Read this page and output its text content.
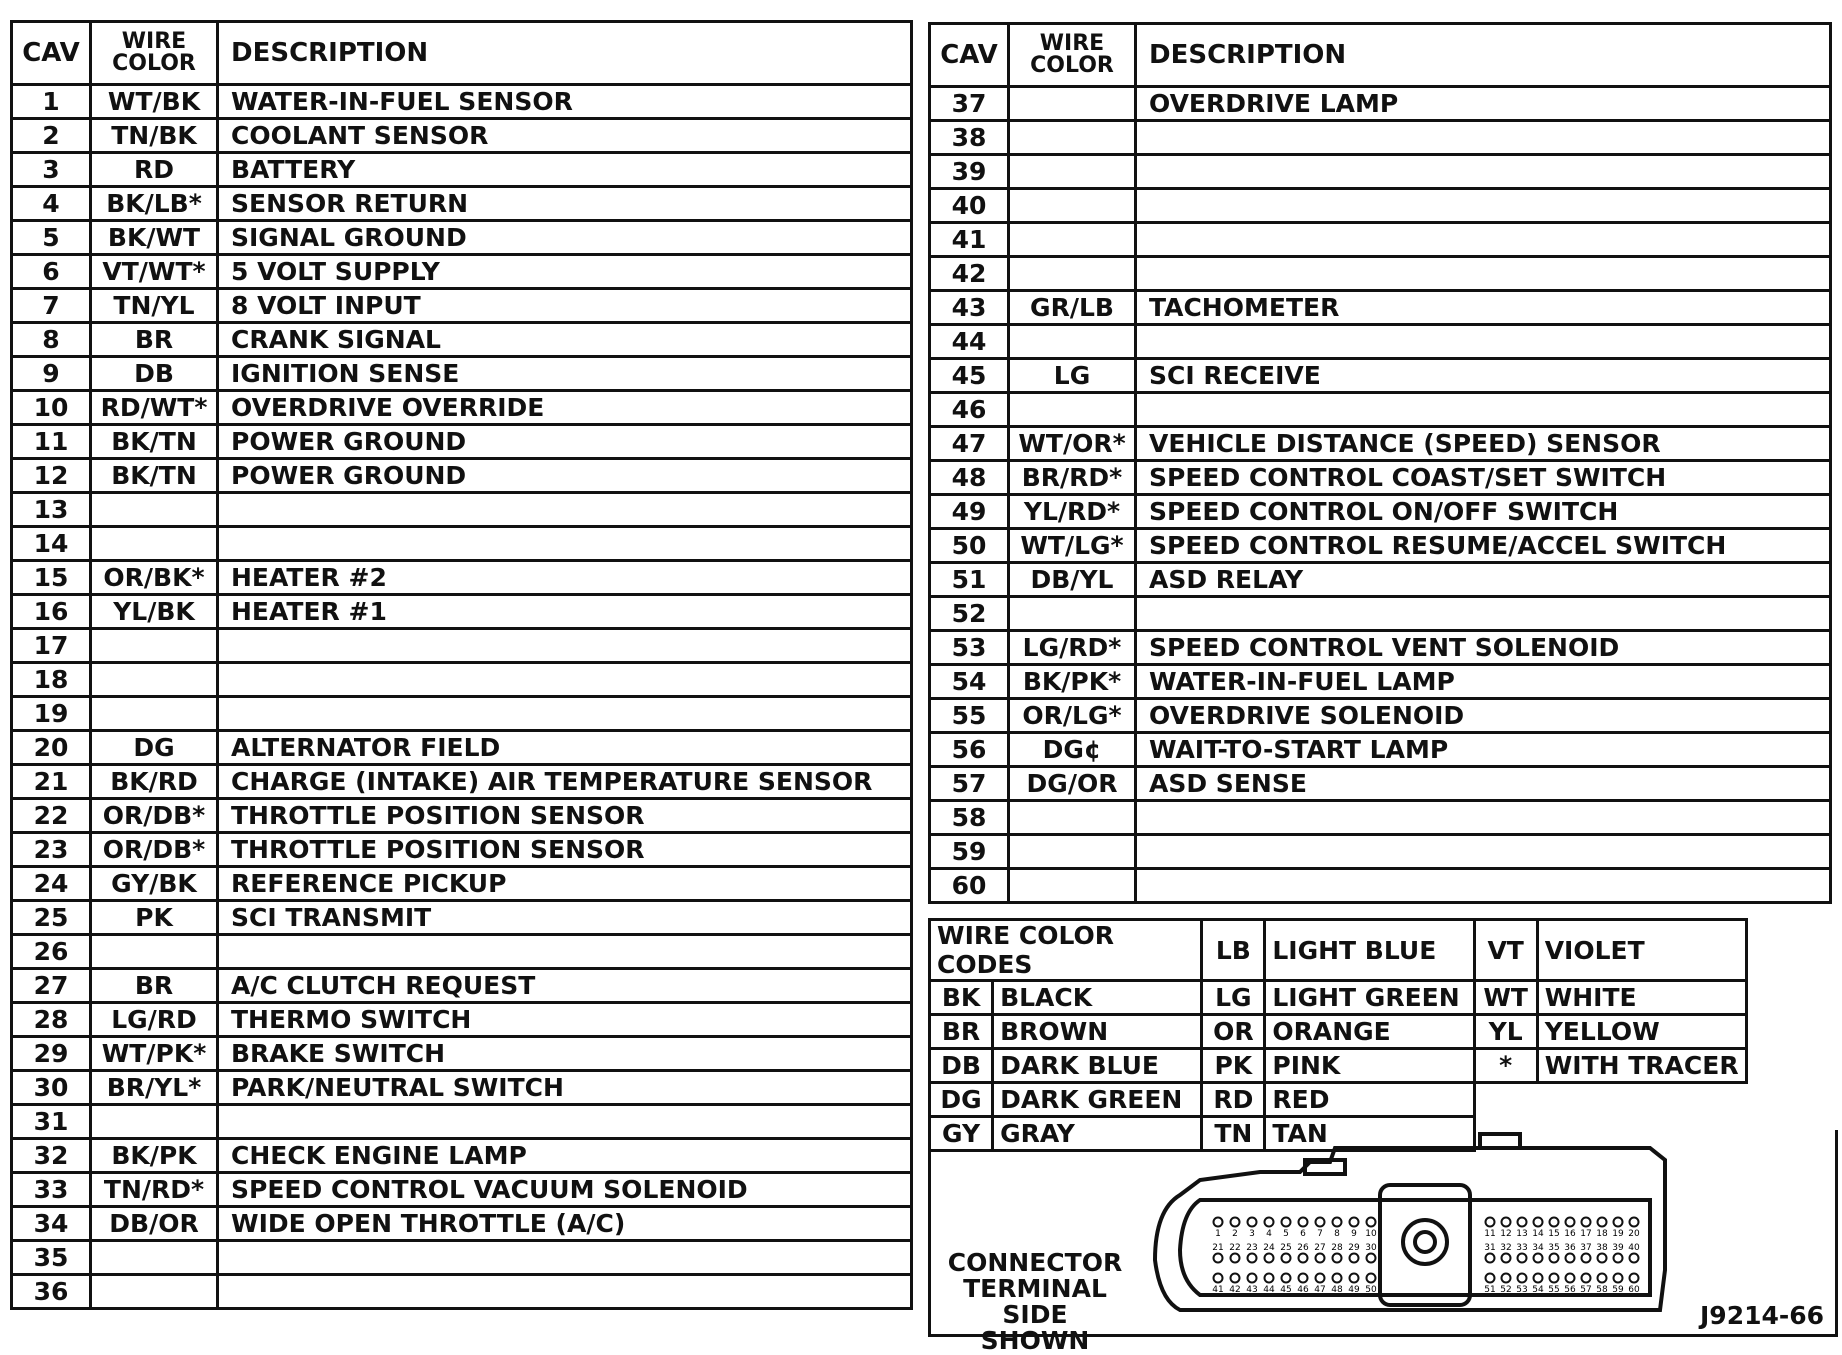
CAV	WIRE COLOR	DESCRIPTION
1	WT/BK	WATER-IN-FUEL SENSOR
2	TN/BK	COOLANT SENSOR
3	RD	BATTERY
4	BK/LB*	SENSOR RETURN
5	BK/WT	SIGNAL GROUND
6	VT/WT*	5 VOLT SUPPLY
7	TN/YL	8 VOLT INPUT
8	BR	CRANK SIGNAL
9	DB	IGNITION SENSE
10	RD/WT*	OVERDRIVE OVERRIDE
11	BK/TN	POWER GROUND
12	BK/TN	POWER GROUND
13		
14		
15	OR/BK*	HEATER #2
16	YL/BK	HEATER #1
17		
18		
19		
20	DG	ALTERNATOR FIELD
21	BK/RD	CHARGE (INTAKE) AIR TEMPERATURE SENSOR
22	OR/DB*	THROTTLE POSITION SENSOR
23	OR/DB*	THROTTLE POSITION SENSOR
24	GY/BK	REFERENCE PICKUP
25	PK	SCI TRANSMIT
26		
27	BR	A/C CLUTCH REQUEST
28	LG/RD	THERMO SWITCH
29	WT/PK*	BRAKE SWITCH
30	BR/YL*	PARK/NEUTRAL SWITCH
31		
32	BK/PK	CHECK ENGINE LAMP
33	TN/RD*	SPEED CONTROL VACUUM SOLENOID
34	DB/OR	WIDE OPEN THROTTLE (A/C)
35		
36		
CAV	WIRE COLOR	DESCRIPTION
37		OVERDRIVE LAMP
38		
39		
40		
41		
42		
43	GR/LB	TACHOMETER
44		
45	LG	SCI RECEIVE
46		
47	WT/OR*	VEHICLE DISTANCE (SPEED) SENSOR
48	BR/RD*	SPEED CONTROL COAST/SET SWITCH
49	YL/RD*	SPEED CONTROL ON/OFF SWITCH
50	WT/LG*	SPEED CONTROL RESUME/ACCEL SWITCH
51	DB/YL	ASD RELAY
52		
53	LG/RD*	SPEED CONTROL VENT SOLENOID
54	BK/PK*	WATER-IN-FUEL LAMP
55	OR/LG*	OVERDRIVE SOLENOID
56	DG¢	WAIT-TO-START LAMP
57	DG/OR	ASD SENSE
58		
59		
60		
WIRE COLOR CODES		LB	LIGHT BLUE	VT	VIOLET
BK	BLACK	LG	LIGHT GREEN	WT	WHITE
BR	BROWN	OR	ORANGE	YL	YELLOW
DB	DARK BLUE	PK	PINK	*	WITH TRACER
DG	DARK GREEN	RD	RED		
GY	GRAY	TN	TAN		
1 2 3 4 5 6 7 8 9 10	11 12 13 14 15 16 17 18 19 20
21 22 23 24 25 26 27 28 29 30
41 42 43 44 45 46 47 48 49 50
31 32 33 34 35 36 37 38 39 40
51 52 53 54 55 56 57 58 59 60
CONNECTOR
TERMINAL SIDE
SHOWN
J9214-66
